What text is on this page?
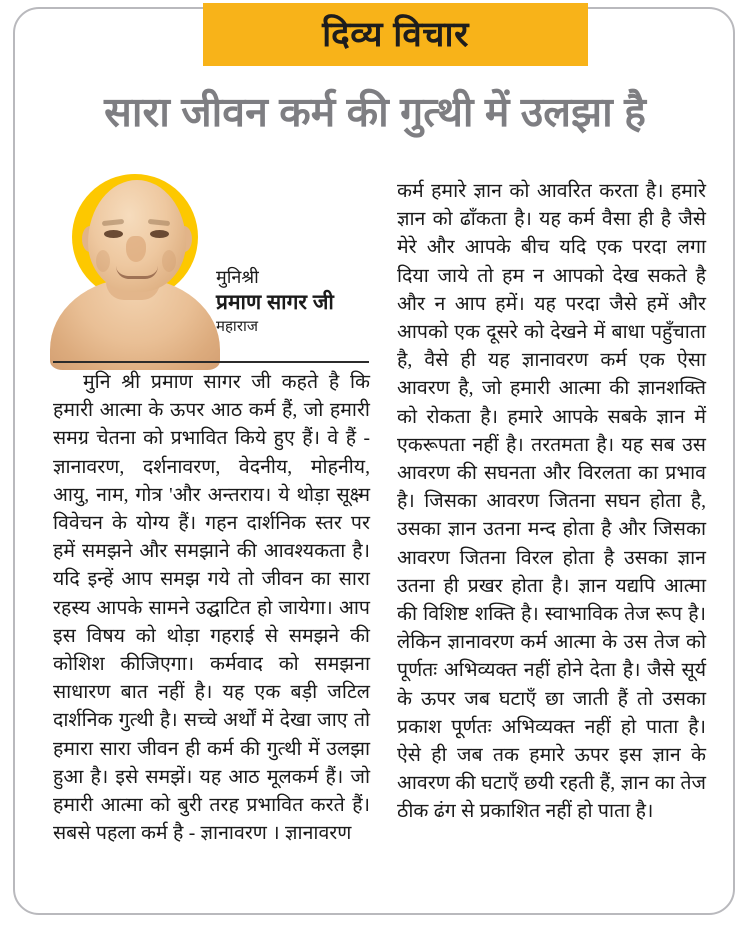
दिव्य विचार
सारा जीवन कर्म की गुत्थी में उलझा है
मुनिश्री
प्रमाण सागर जी
महाराज

मुनि श्री प्रमाण सागर जी कहते है कि हमारी आत्मा के ऊपर आठ कर्म हैं, जो हमारी समग्र चेतना को प्रभावित किये हुए हैं। वे हैं - ज्ञानावरण, दर्शनावरण, वेदनीय, मोहनीय, आयु, नाम, गोत्र 'और अन्तराय। ये थोड़ा सूक्ष्म विवेचन के योग्य हैं। गहन दार्शनिक स्तर पर हमें समझने और समझाने की आवश्यकता है। यदि इन्हें आप समझ गये तो जीवन का सारा रहस्य आपके सामने उद्घाटित हो जायेगा। आप इस विषय को थोड़ा गहराई से समझने की कोशिश कीजिएगा। कर्मवाद को समझना साधारण बात नहीं है। यह एक बड़ी जटिल दार्शनिक गुत्थी है। सच्चे अर्थों में देखा जाए तो हमारा सारा जीवन ही कर्म की गुत्थी में उलझा हुआ है। इसे समझें। यह आठ मूलकर्म हैं। जो हमारी आत्मा को बुरी तरह प्रभावित करते हैं। सबसे पहला कर्म है - ज्ञानावरण । ज्ञानावरण

कर्म हमारे ज्ञान को आवरित करता है। हमारे ज्ञान को ढाँकता है। यह कर्म वैसा ही है जैसे मेरे और आपके बीच यदि एक परदा लगा दिया जाये तो हम न आपको देख सकते है और न आप हमें। यह परदा जैसे हमें और आपको एक दूसरे को देखने में बाधा पहुँचाता है, वैसे ही यह ज्ञानावरण कर्म एक ऐसा आवरण है, जो हमारी आत्मा की ज्ञानशक्ति को रोकता है। हमारे आपके सबके ज्ञान में एकरूपता नहीं है। तरतमता है। यह सब उस आवरण की सघनता और विरलता का प्रभाव है। जिसका आवरण जितना सघन होता है, उसका ज्ञान उतना मन्द होता है और जिसका आवरण जितना विरल होता है उसका ज्ञान उतना ही प्रखर होता है। ज्ञान यद्यपि आत्मा की विशिष्ट शक्ति है। स्वाभाविक तेज रूप है। लेकिन ज्ञानावरण कर्म आत्मा के उस तेज को पूर्णतः अभिव्यक्त नहीं होने देता है। जैसे सूर्य के ऊपर जब घटाएँ छा जाती हैं तो उसका प्रकाश पूर्णतः अभिव्यक्त नहीं हो पाता है। ऐसे ही जब तक हमारे ऊपर इस ज्ञान के आवरण की घटाएँ छयी रहती हैं, ज्ञान का तेज ठीक ढंग से प्रकाशित नहीं हो पाता है।
